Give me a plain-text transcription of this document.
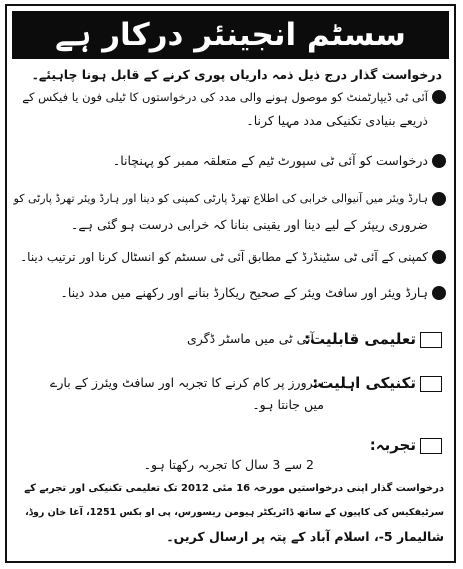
سسٹم انجینئر درکار ہے
درخواست گذار درج ذیل ذمہ داریاں پوری کرنے کے قابل ہونا چاہیئے۔
آئی ٹی ڈیپارٹمنٹ کو موصول ہونے والی مدد کی درخواستوں کا ٹیلی فون یا فیکس کے
ذریعے بنیادی تکنیکی مدد مہیا کرنا۔
درخواست کو آئی ٹی سپورٹ ٹیم کے متعلقہ ممبر کو پہنچانا۔
ہارڈ ویئر میں آنیوالی خرابی کی اطلاع تھرڈ پارٹی کمپنی کو دینا اور ہارڈ ویئر تھرڈ پارٹی کو
ضروری ریپئر کے لیے دینا اور یقینی بنانا کہ خرابی درست ہو گئی ہے۔
کمپنی کے آئی ٹی سٹینڈرڈ کے مطابق آئی ٹی سسٹم کو انسٹال کرنا اور ترتیب دینا۔
ہارڈ ویئر اور سافٹ ویئر کے صحیح ریکارڈ بنانے اور رکھنے میں مدد دینا۔
تعلیمی قابلیت:
آئی ٹی میں ماسٹر ڈگری
تکنیکی اہلیت:
سرورز پر کام کرنے کا تجربہ اور سافٹ ویئرز کے بارے
میں جانتا ہو۔
تجربہ:
2 سے 3 سال کا تجربہ رکھتا ہو۔
درخواست گذار اپنی درخواستیں مورخہ 16 مئی 2012 تک تعلیمی تکنیکی اور تجربے کے
سرٹیفکیس کی کاپیوں کے ساتھ ڈائریکٹر ہیومن ریسورس، پی او بکس 1251، آغا خان روڈ،
شالیمار 5-، اسلام آباد کے پتہ پر ارسال کریں۔
